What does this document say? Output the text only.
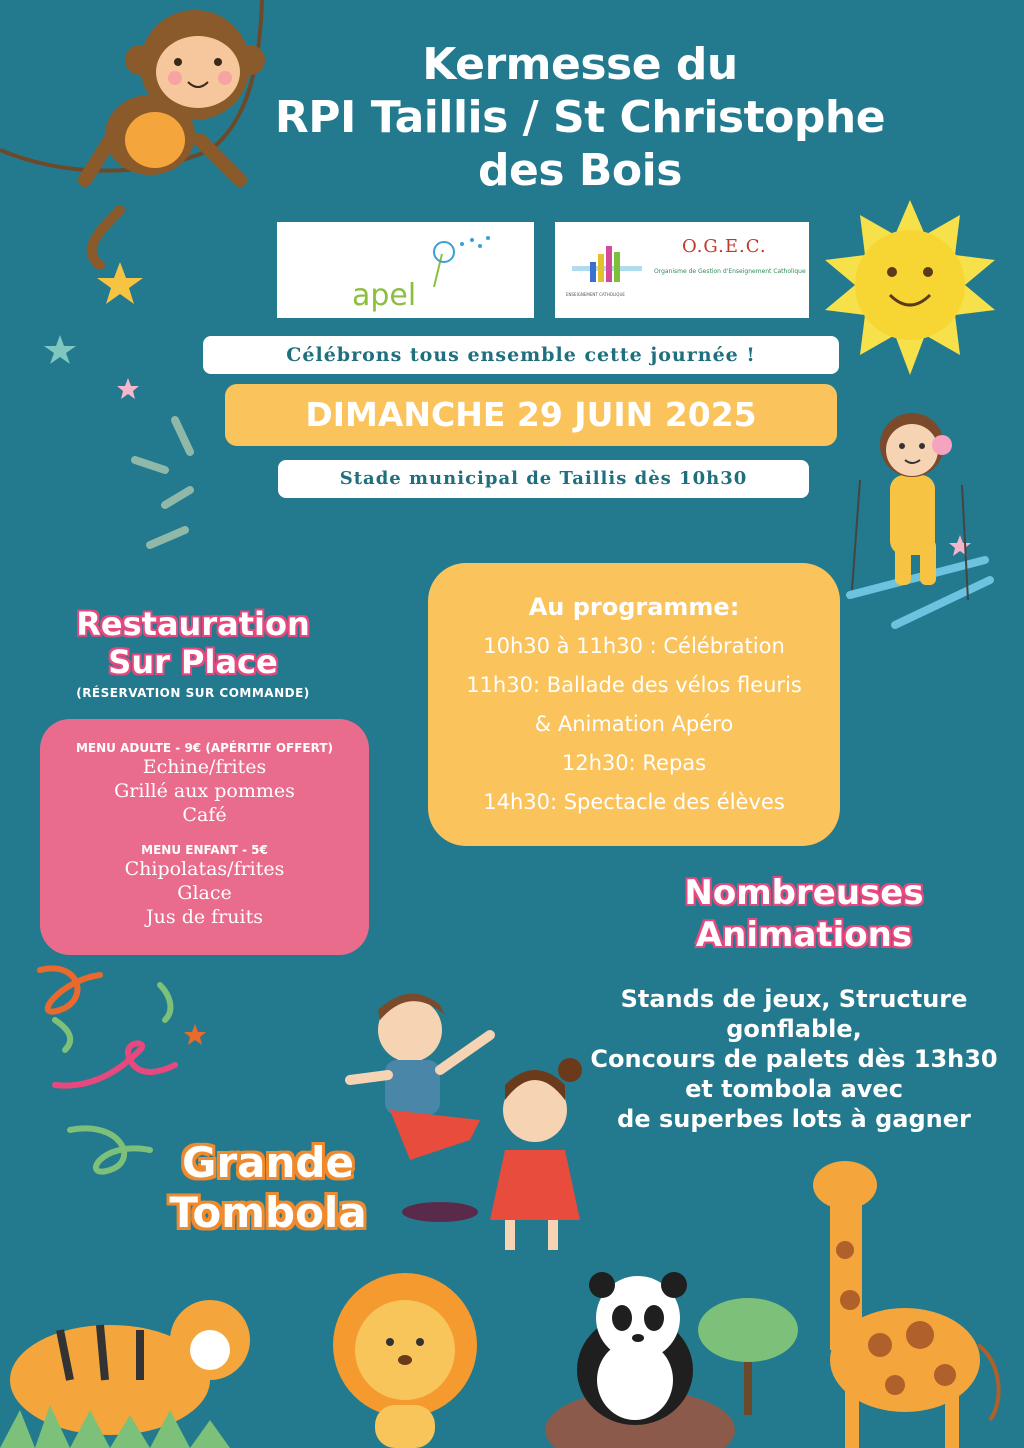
Kermesse du
RPI Taillis / St Christophe
des Bois
apel
O.G.E.C.
Organisme de Gestion d'Enseignement Catholique
ENSEIGNEMENT CATHOLIQUE
Célébrons tous ensemble cette journée !
DIMANCHE 29 JUIN 2025
Stade municipal de Taillis dès 10h30
Au programme:
10h30 à 11h30 : Célébration
11h30: Ballade des vélos fleuris
& Animation Apéro
12h30: Repas
14h30: Spectacle des élèves
Restauration
Sur Place
(RÉSERVATION SUR COMMANDE)
MENU ADULTE - 9€ (APÉRITIF OFFERT)
Echine/frites
Grillé aux pommes
Café
MENU ENFANT - 5€
Chipolatas/frites
Glace
Jus de fruits
Nombreuses
Animations
Stands de jeux, Structure
gonflable,
Concours de palets dès 13h30
et tombola avec
de superbes lots à gagner
Grande
Tombola
